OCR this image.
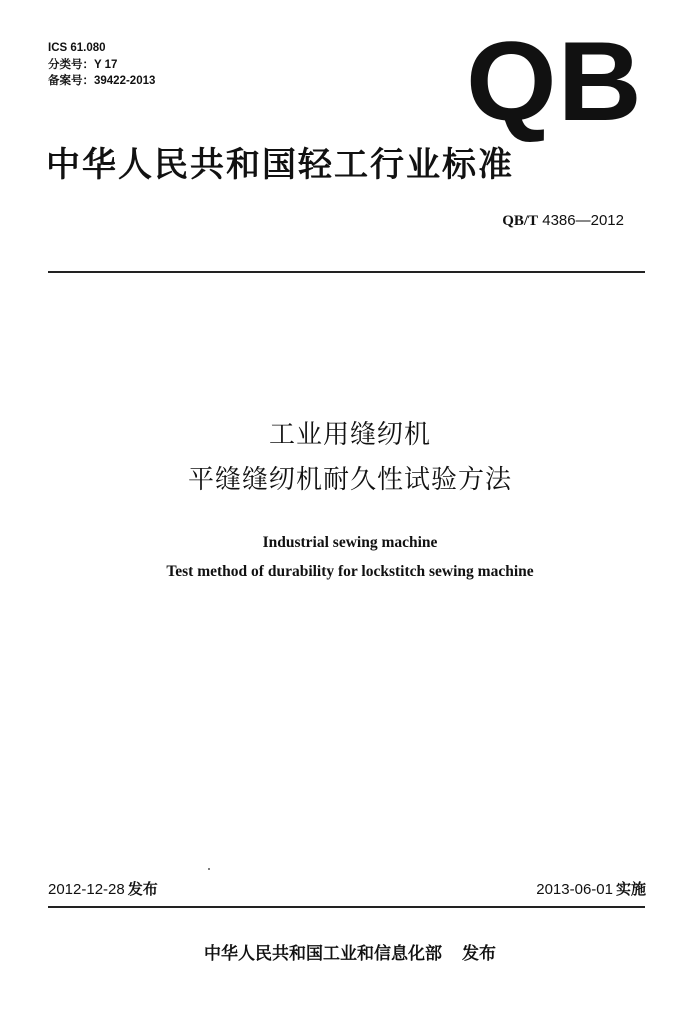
ICS 61.080
分类号：Y 17
备案号：39422-2013	QB
中华人民共和国轻工行业标准
QB/T 4386—2012
工业用缝纫机
平缝缝纫机耐久性试验方法
Industrial sewing machine
Test method of durability for lockstitch sewing machine
2012-12-28 发布	2013-06-01 实施
中华人民共和国工业和信息化部 发布
